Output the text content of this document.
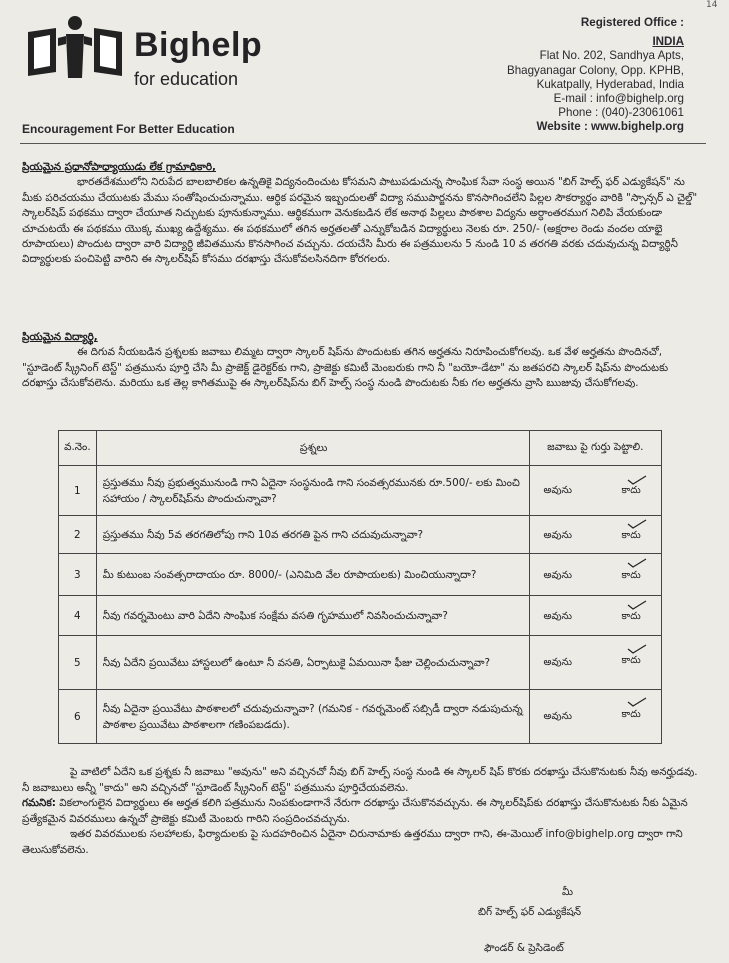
14
Bighelp
for education
Encouragement For Better Education
Registered Office :
INDIA
Flat No. 202, Sandhya Apts,
Bhagyanagar Colony, Opp. KPHB,
Kukatpally, Hyderabad, India
E-mail : info@bighelp.org
Phone : (040)-23061061
Website : www.bighelp.org

ప్రియమైన ప్రధానోపాధ్యాయుడు లేక గ్రామాధికారి,

భారతదేశములోని నిరుపేద బాలబాలికల ఉన్నతికై విద్యనందించుట కోసమని పాటుపడుచున్న సాంఘిక సేవా సంస్థ అయిన "బిగ్ హెల్ప్ ఫర్ ఎడ్యుకేషన్" ను మీకు పరిచయము చేయుటకు మేము సంతోషించుచున్నాము. ఆర్థిక పరమైన ఇబ్బందులతో విద్యా సముపార్జనను కొనసాగించలేని పిల్లల సౌకర్యార్థం వారికి "స్పాన్సర్ ఎ చైల్డ్" స్కాలర్‌షిప్ పథకము ద్వారా చేయూత నిచ్చుటకు పూనుకున్నాము. ఆర్థికముగా వెనుకబడిన లేక అనాథ పిల్లలు పాఠశాల విద్యను అర్ధాంతరముగ నిలిపి వేయకుండా చూచుటయే ఈ పథకము యొక్క ముఖ్య ఉద్దేశ్యము. ఈ పథకములో తగిన అర్హతలతో ఎన్నుకోబడిన విద్యార్థులు నెలకు రూ. 250/- (అక్షరాల రెండు వందల యాభై రూపాయలు) పొందుట ద్వారా వారి విద్యార్థి జీవితమును కొనసాగించ వచ్చును. దయచేసి మీరు ఈ పత్రములను 5 నుండి 10 వ తరగతి వరకు చదువుచున్న విద్యార్థినీ విద్యార్థులకు పంచిపెట్టి వారిని ఈ స్కాలర్‌షిప్ కోసము దరఖాస్తు చేసుకోవలసినదిగా కోరగలరు.

ప్రియమైన విద్యార్థి,

ఈ దిగువ నీయబడిన ప్రశ్నలకు జవాబు లిమ్మట ద్వారా స్కాలర్ షిప్‌ను పొందుటకు తగిన అర్హతను నిరూపించుకోగలవు. ఒక వేళ అర్హతను పొందినచో, "స్టూడెంట్ స్క్రీనింగ్ టెస్ట్" పత్రమును పూర్తి చేసి మీ ప్రాజెక్ట్ డైరెక్టర్‌కు గాని, ప్రాజెక్టు కమిటీ మెంబరుకు గాని నీ "బయో-డేటా" ను జతపరచి స్కాలర్ షిప్‌ను పొందుటకు దరఖాస్తు చేసుకోవలెను. మరియు ఒక తెల్ల కాగితముపై ఈ స్కాలర్‌షిప్‌ను బిగ్ హెల్ప్ సంస్థ నుండి పొందుటకు నీకు గల అర్హతను వ్రాసి ఋజువు చేసుకోగలవు.

వ.నెం.	ప్రశ్నలు	జవాబు పై గుర్తు పెట్టాలి.
1	ప్రస్తుతము నీవు ప్రభుత్వమునుండి గాని ఏదైనా సంస్థనుండి గాని సంవత్సరమునకు రూ.500/- లకు మించి సహాయం / స్కాలర్‌షిప్‌ను పొందుచున్నావా?	అవును కాదు

2	ప్రస్తుతము నీవు 5వ తరగతిలోపు గాని 10వ తరగతి పైన గాని చదువుచున్నావా?	అవును కాదు

3	మీ కుటుంబ సంవత్సరాదాయం రూ. 8000/- (ఎనిమిది వేల రూపాయలకు) మించియున్నాదా?	అవును కాదు

4	నీవు గవర్నమెంటు వారి ఏదేని సాంఘిక సంక్షేమ వసతి గృహములో నివసించుచున్నావా?	అవును కాదు

5	నీవు ఏదేని ప్రయివేటు హాస్టలులో ఉంటూ నీ వసతి, ఏర్పాటుకై ఏమయినా ఫీజు చెల్లించుచున్నావా?	అవును కాదు

6	నీవు ఏదైనా ప్రయివేటు పాఠశాలలో చదువుచున్నావా? (గమనిక - గవర్నమెంట్ సబ్సిడీ ద్వారా నడుపుచున్న పాఠశాల ప్రయివేటు పాఠశాలగా గణింపబడదు).	అవును కాదు

పై వాటిలో ఏదేని ఒక ప్రశ్నకు నీ జవాబు "అవును" అని వచ్చినచో నీవు బిగ్ హెల్ప్ సంస్థ నుండి ఈ స్కాలర్ షిప్ కొరకు దరఖాస్తు చేసుకొనుటకు నీవు అనర్హుడవు. నీ జవాబులు అన్నీ "కాదు" అని వచ్చినచో "స్టూడెంట్ స్క్రీనింగ్ టెస్ట్" పత్రమును పూర్తిచేయవలెను.

గమనిక: వికలాంగులైన విద్యార్థులు ఈ అర్హత కలిగి పత్రమును నింపకుండాగానే నేరుగా దరఖాస్తు చేసుకొనవచ్చును. ఈ స్కాలర్‌షిప్‌కు దరఖాస్తు చేసుకొనుటకు నీకు ఏమైన ప్రత్యేకమైన వివరములు ఉన్నచో ప్రాజెక్టు కమిటీ మెంబరు గారిని సంప్రదించవచ్చును.

ఇతర వివరములకు సలహాలకు, ఫిర్యాదులకు పై సుదహరించిన ఏదైనా చిరునామాకు ఉత్తరము ద్వారా గాని, ఈ-మెయిల్ info@bighelp.org ద్వారా గాని తెలుసుకోవలెను.

మీ
బిగ్ హెల్ప్ ఫర్ ఎడ్యుకేషన్
ఫౌండర్ & ప్రెసిడెంట్
